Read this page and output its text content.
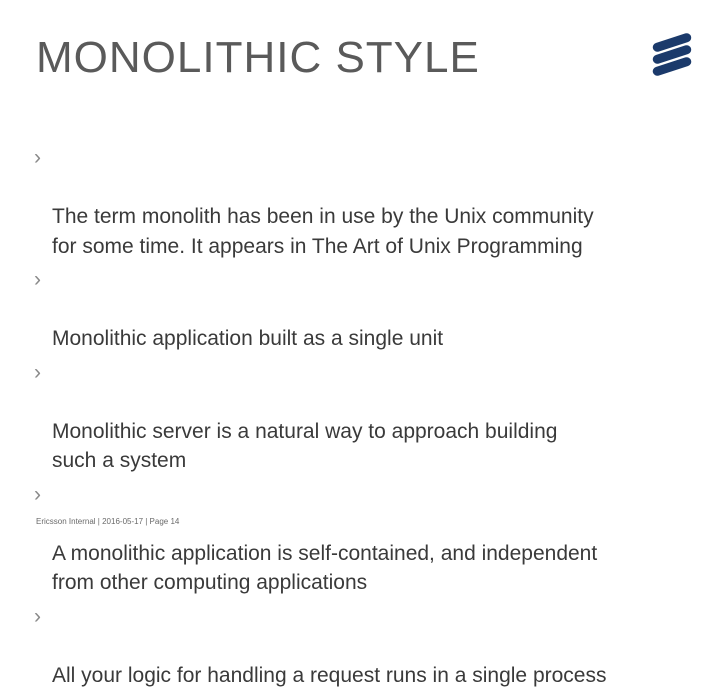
MONOLITHIC STYLE

›

The term monolith has been in use by the Unix community
for some time. It appears in The Art of Unix Programming

›

Monolithic application built as a single unit

›

Monolithic server is a natural way to approach building
such a system

›

A monolithic application is self-contained, and independent
from other computing applications

›

All your logic for handling a request runs in a single process

Ericsson Internal | 2016-05-17 | Page 14
